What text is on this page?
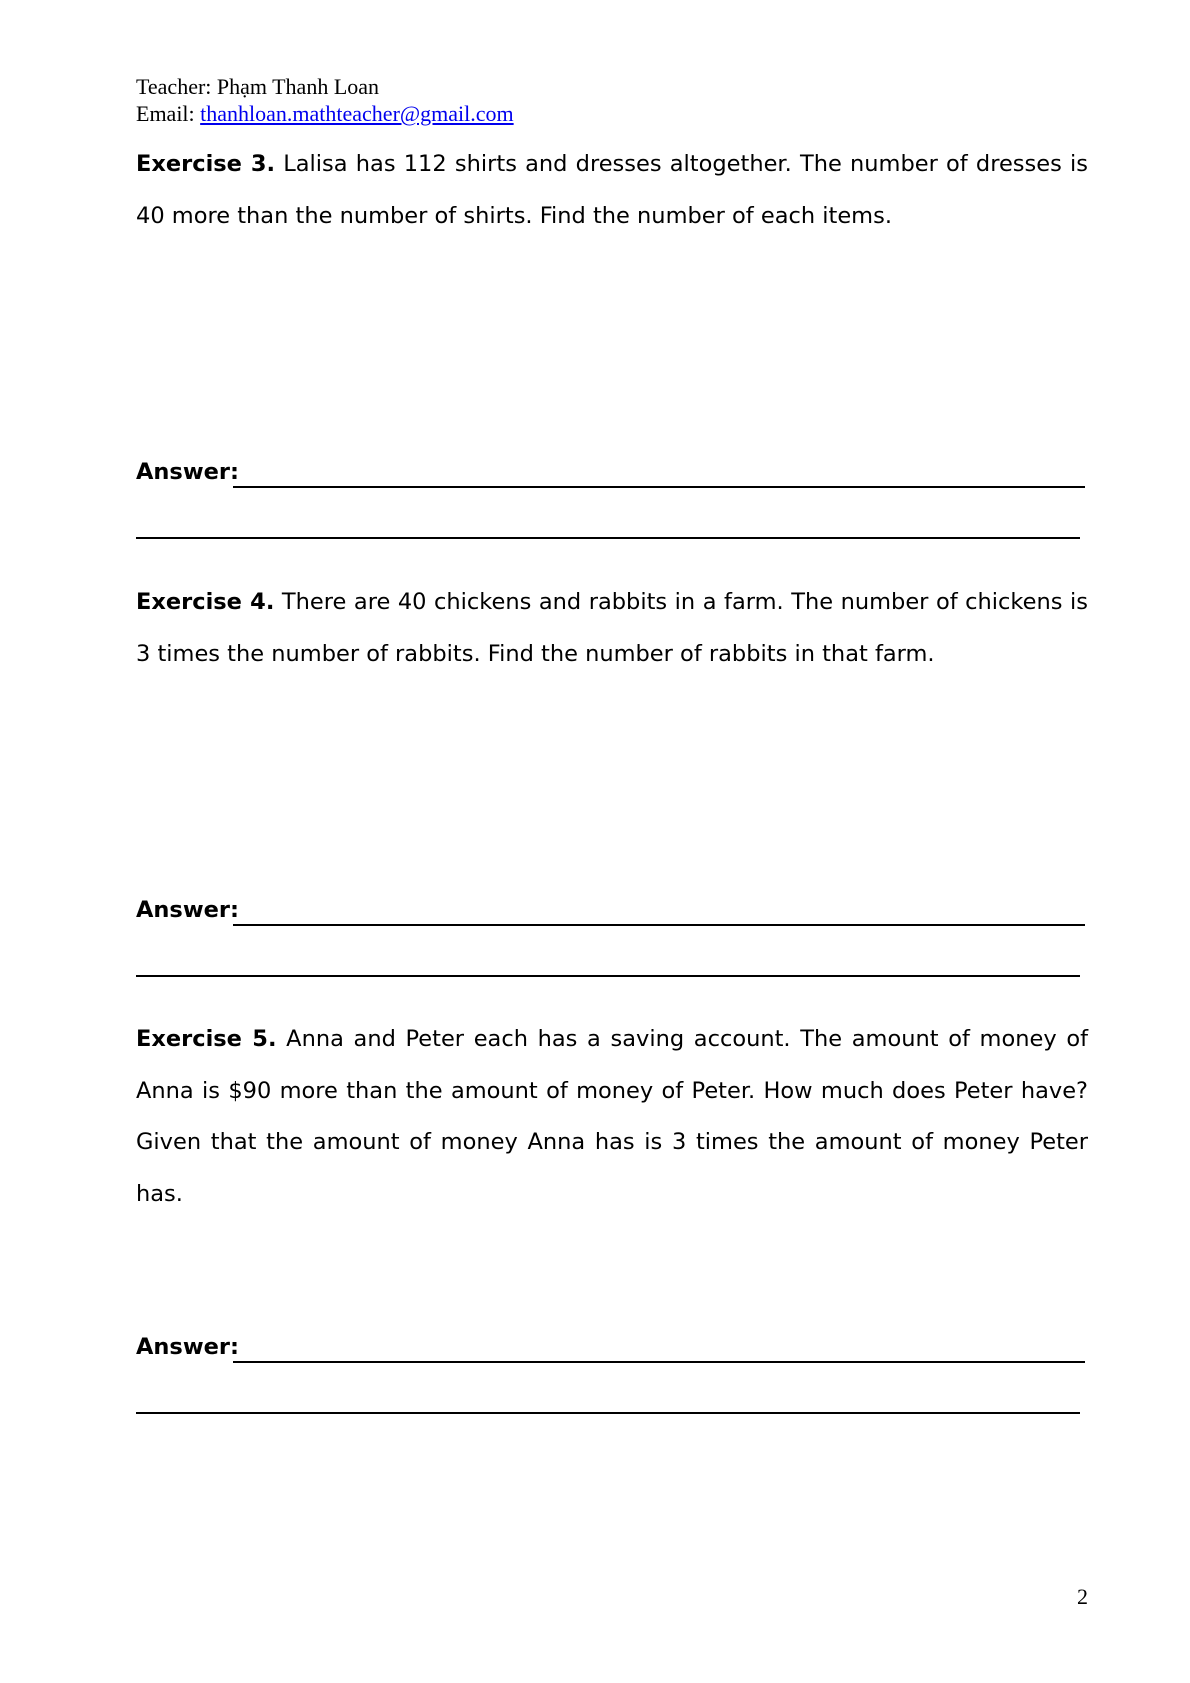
Teacher: Phạm Thanh Loan
Email: thanhloan.mathteacher@gmail.com
Exercise 3. Lalisa has 112 shirts and dresses altogether. The number of dresses is 40 more than the number of shirts. Find the number of each items.
Answer:
Exercise 4. There are 40 chickens and rabbits in a farm. The number of chickens is 3 times the number of rabbits. Find the number of rabbits in that farm.
Answer:
Exercise 5. Anna and Peter each has a saving account. The amount of money of Anna is $90 more than the amount of money of Peter. How much does Peter have? Given that the amount of money Anna has is 3 times the amount of money Peter has.
Answer:
2
